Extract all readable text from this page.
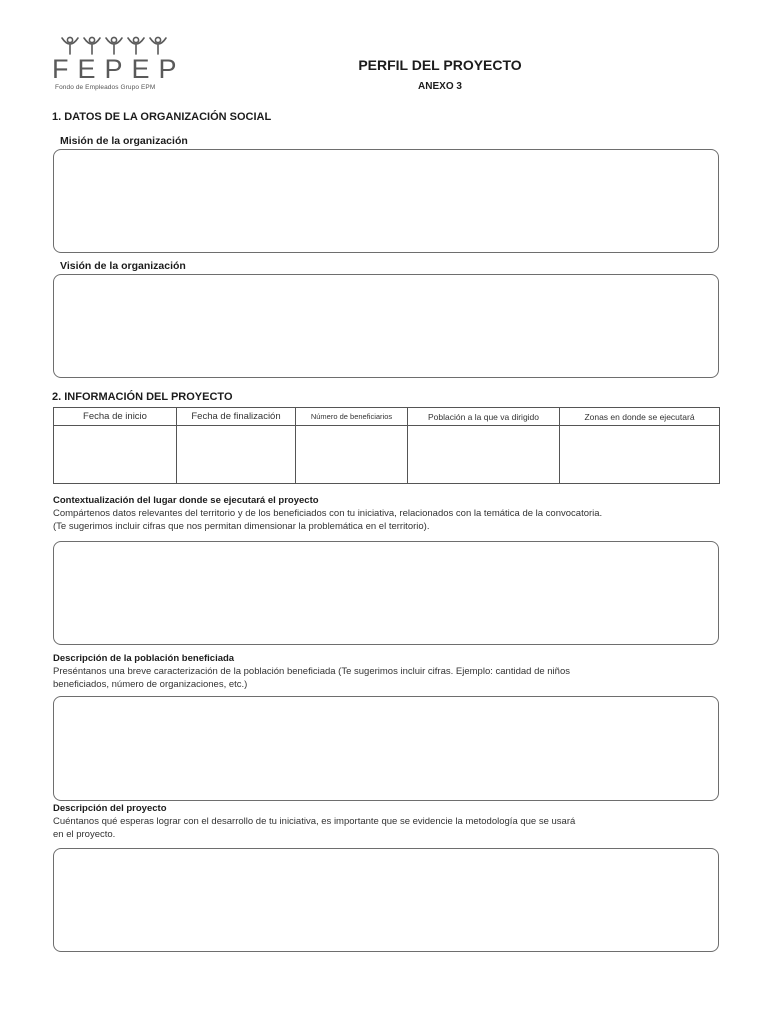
FEPEP
Fondo de Empleados Grupo EPM
PERFIL DEL PROYECTO
ANEXO 3
1. DATOS DE LA ORGANIZACIÓN SOCIAL
Misión de la organización
Visión de la organización
2. INFORMACIÓN DEL PROYECTO
Fecha de inicio	Fecha de finalización	Número de beneficiarios	Población a la que va dirigido	Zonas en donde se ejecutará

Contextualización del lugar donde se ejecutará el proyecto
Compártenos datos relevantes del territorio y de los beneficiados con tu iniciativa, relacionados con la temática de la convocatoria.
(Te sugerimos incluir cifras que nos permitan dimensionar la problemática en el territorio).
Descripción de la población beneficiada
Preséntanos una breve caracterización de la población beneficiada (Te sugerimos incluir cifras. Ejemplo: cantidad de niños
beneficiados, número de organizaciones, etc.)
Descripción del proyecto
Cuéntanos qué esperas lograr con el desarrollo de tu iniciativa, es importante que se evidencie la metodología que se usará
en el proyecto.
